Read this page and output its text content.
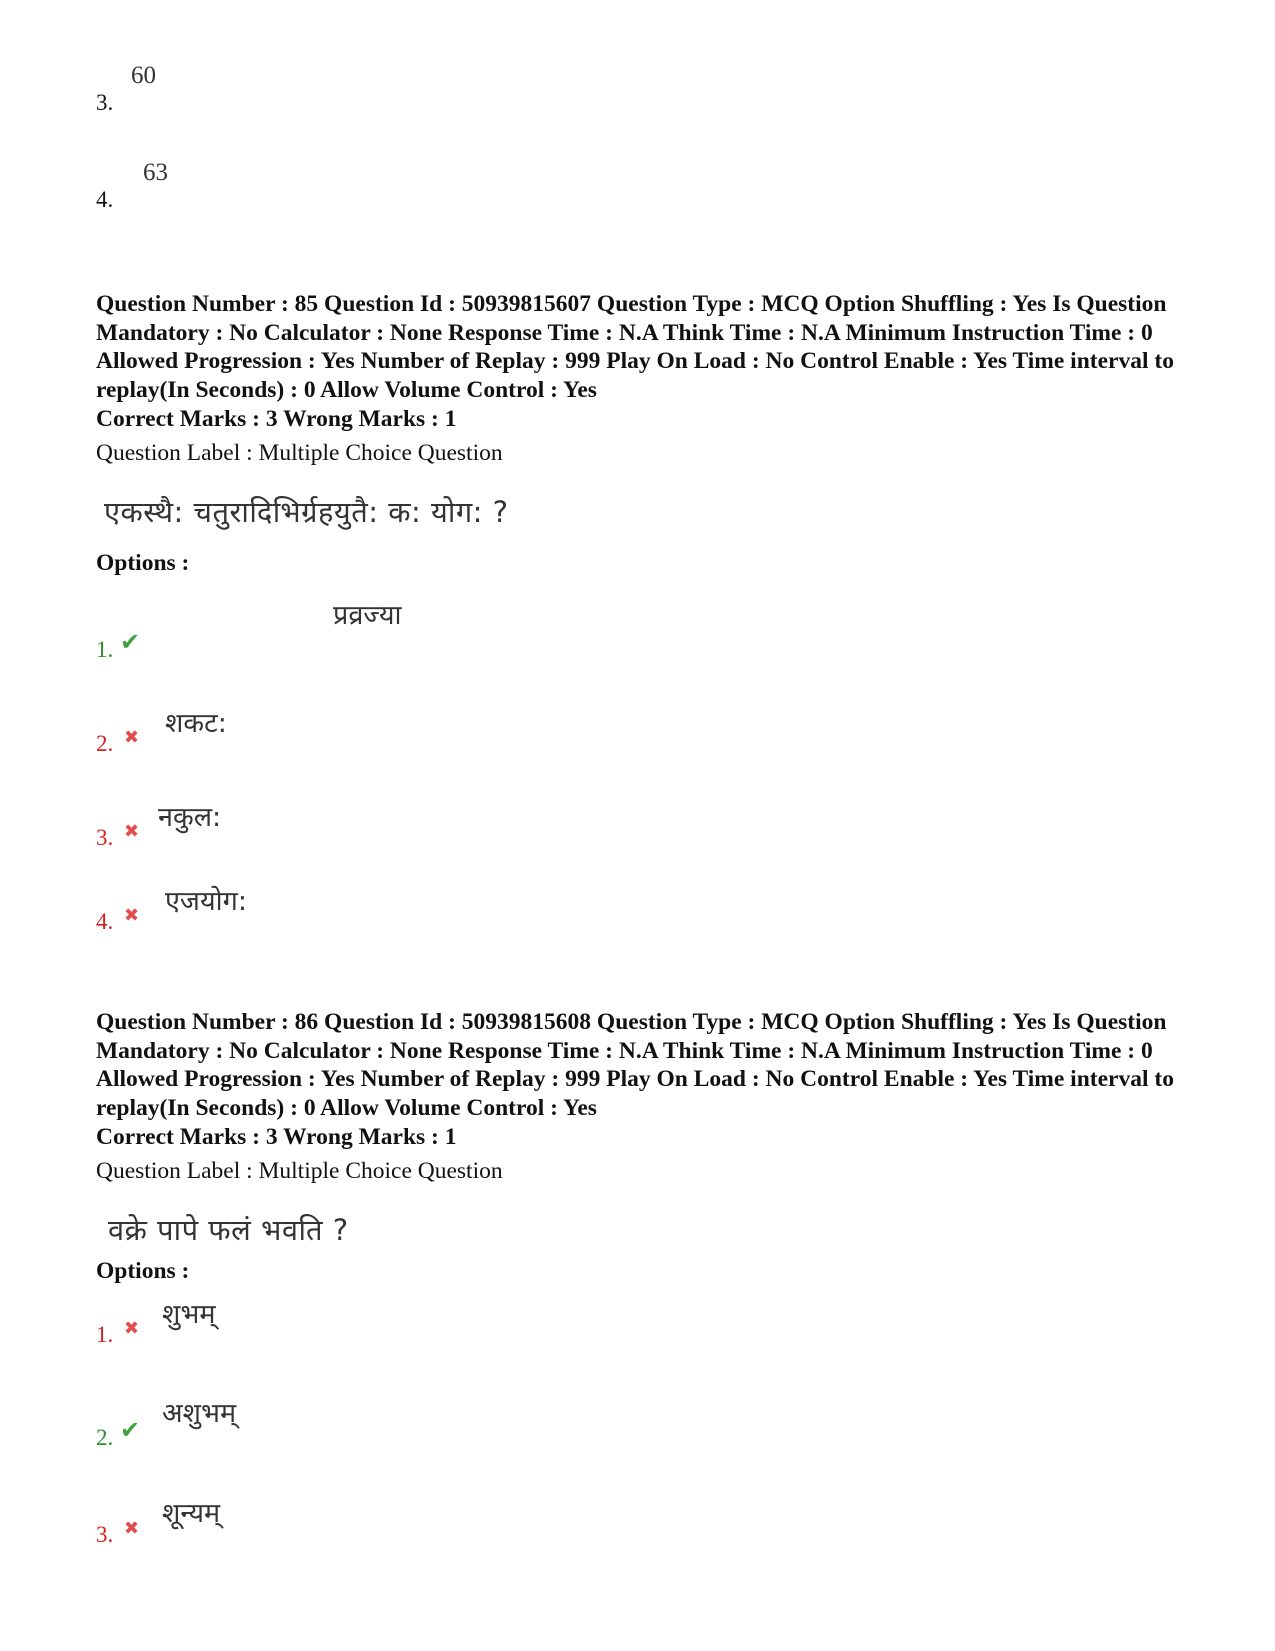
3.
60
4.
63
Question Number : 85 Question Id : 50939815607 Question Type : MCQ Option Shuffling : Yes Is Question Mandatory : No Calculator : None Response Time : N.A Think Time : N.A Minimum Instruction Time : 0 Allowed Progression : Yes Number of Replay : 999 Play On Load : No Control Enable : Yes Time interval to replay(In Seconds) : 0 Allow Volume Control : Yes
Correct Marks : 3 Wrong Marks : 1
Question Label : Multiple Choice Question
एकस्थै: चतुरादिभिर्ग्रहयुतै: क: योग: ?
Options :
1. ✔
प्रव्रज्या
2. ✖ शकट:
3. ✖ नकुल:
4. ✖ एजयोग:
Question Number : 86 Question Id : 50939815608 Question Type : MCQ Option Shuffling : Yes Is Question Mandatory : No Calculator : None Response Time : N.A Think Time : N.A Minimum Instruction Time : 0 Allowed Progression : Yes Number of Replay : 999 Play On Load : No Control Enable : Yes Time interval to replay(In Seconds) : 0 Allow Volume Control : Yes
Correct Marks : 3 Wrong Marks : 1
Question Label : Multiple Choice Question
वक्रे पापे फलं भवति ?
Options :
1. ✖ शुभम्
2. ✔
अशुभम्
3. ✖ शून्यम्
